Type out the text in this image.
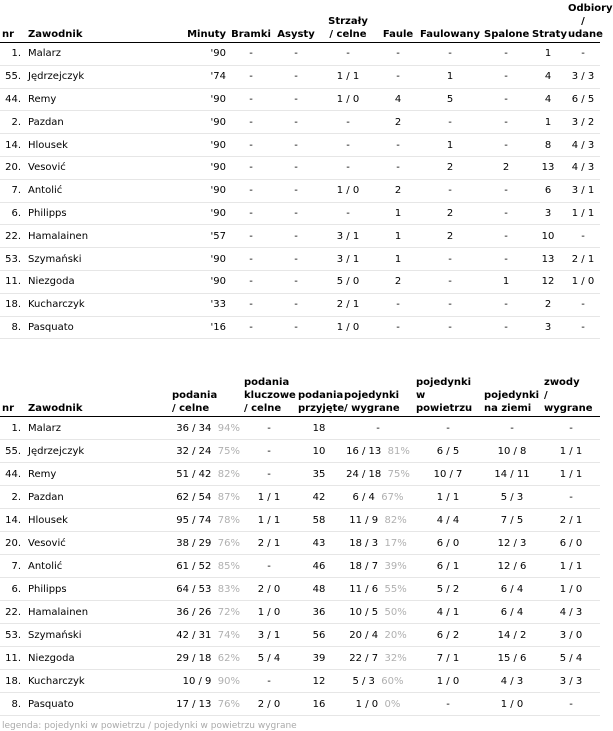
nr	Zawodnik	Minuty	Bramki	Asysty	Strzały
/ celne	Faule	Faulowany	Spalone	Straty	Odbiory
/ udane
1.	Malarz	'90	-	-	-	-	-	-	1	-
55.	Jędrzejczyk	'74	-	-	1 / 1	-	1	-	4	3 / 3
44.	Remy	'90	-	-	1 / 0	4	5	-	4	6 / 5
2.	Pazdan	'90	-	-	-	2	-	-	1	3 / 2
14.	Hlousek	'90	-	-	-	-	1	-	8	4 / 3
20.	Vesović	'90	-	-	-	-	2	2	13	4 / 3
7.	Antolić	'90	-	-	1 / 0	2	-	-	6	3 / 1
6.	Philipps	'90	-	-	-	1	2	-	3	1 / 1
22.	Hamalainen	'57	-	-	3 / 1	1	2	-	10	-
53.	Szymański	'90	-	-	3 / 1	1	-	-	13	2 / 1
11.	Niezgoda	'90	-	-	5 / 0	2	-	1	12	1 / 0
18.	Kucharczyk	'33	-	-	2 / 1	-	-	-	2	-
8.	Pasquato	'16	-	-	1 / 0	-	-	-	3	-
nr	Zawodnik	podania
/ celne	podania
kluczowe
/ celne	podania
przyjęte	pojedynki
/ wygrane	pojedynki
w powietrzu	pojedynki
na ziemi	zwody
/ wygrane
1.	Malarz	36 / 34 94%	-	18	-	-	-	-
55.	Jędrzejczyk	32 / 24 75%	-	10	16 / 13 81%	6 / 5	10 / 8	1 / 1
44.	Remy	51 / 42 82%	-	35	24 / 18 75%	10 / 7	14 / 11	1 / 1
2.	Pazdan	62 / 54 87%	1 / 1	42	6 / 4 67%	1 / 1	5 / 3	-
14.	Hlousek	95 / 74 78%	1 / 1	58	11 / 9 82%	4 / 4	7 / 5	2 / 1
20.	Vesović	38 / 29 76%	2 / 1	43	18 / 3 17%	6 / 0	12 / 3	6 / 0
7.	Antolić	61 / 52 85%	-	46	18 / 7 39%	6 / 1	12 / 6	1 / 1
6.	Philipps	64 / 53 83%	2 / 0	48	11 / 6 55%	5 / 2	6 / 4	1 / 0
22.	Hamalainen	36 / 26 72%	1 / 0	36	10 / 5 50%	4 / 1	6 / 4	4 / 3
53.	Szymański	42 / 31 74%	3 / 1	56	20 / 4 20%	6 / 2	14 / 2	3 / 0
11.	Niezgoda	29 / 18 62%	5 / 4	39	22 / 7 32%	7 / 1	15 / 6	5 / 4
18.	Kucharczyk	10 / 9 90%	-	12	5 / 3 60%	1 / 0	4 / 3	3 / 3
8.	Pasquato	17 / 13 76%	2 / 0	16	1 / 0 0%	-	1 / 0	-
legenda: pojedynki w powietrzu / pojedynki w powietrzu wygrane
